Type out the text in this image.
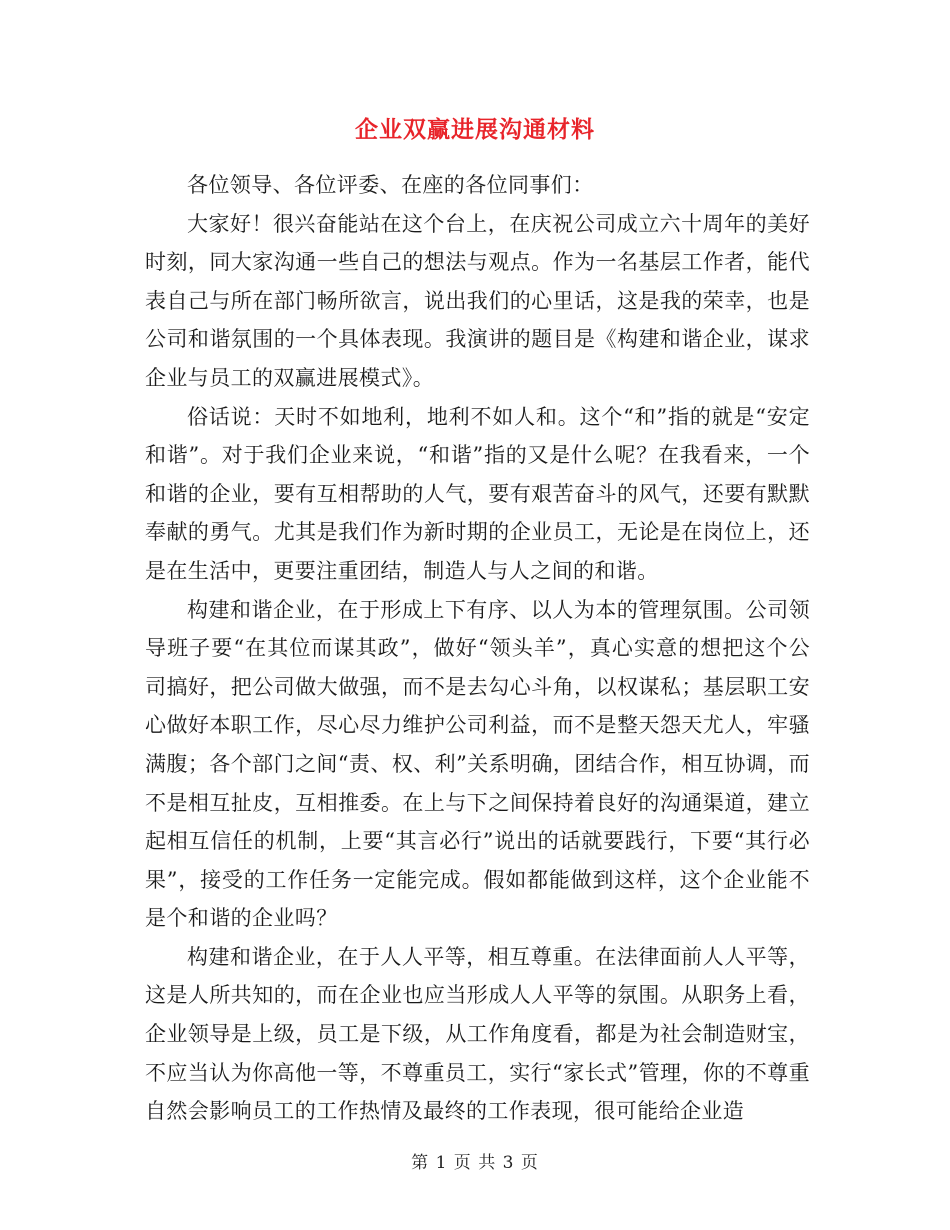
企业双赢进展沟通材料

各位领导、各位评委、在座的各位同事们：

大家好！很兴奋能站在这个台上，在庆祝公司成立六十周年的美好时刻，同大家沟通一些自己的想法与观点。作为一名基层工作者，能代表自己与所在部门畅所欲言，说出我们的心里话，这是我的荣幸，也是公司和谐氛围的一个具体表现。我演讲的题目是《构建和谐企业，谋求企业与员工的双赢进展模式》。

俗话说：天时不如地利，地利不如人和。这个“和”指的就是“安定和谐”。对于我们企业来说，“和谐”指的又是什么呢？在我看来，一个和谐的企业，要有互相帮助的人气，要有艰苦奋斗的风气，还要有默默奉献的勇气。尤其是我们作为新时期的企业员工，无论是在岗位上，还是在生活中，更要注重团结，制造人与人之间的和谐。

构建和谐企业，在于形成上下有序、以人为本的管理氛围。公司领导班子要“在其位而谋其政”，做好“领头羊”，真心实意的想把这个公司搞好，把公司做大做强，而不是去勾心斗角，以权谋私；基层职工安心做好本职工作，尽心尽力维护公司利益，而不是整天怨天尤人，牢骚满腹；各个部门之间“责、权、利”关系明确，团结合作，相互协调，而不是相互扯皮，互相推委。在上与下之间保持着良好的沟通渠道，建立起相互信任的机制，上要“其言必行”说出的话就要践行，下要“其行必果”，接受的工作任务一定能完成。假如都能做到这样，这个企业能不是个和谐的企业吗？

构建和谐企业，在于人人平等，相互尊重。在法律面前人人平等，这是人所共知的，而在企业也应当形成人人平等的氛围。从职务上看，企业领导是上级，员工是下级，从工作角度看，都是为社会制造财宝，不应当认为你高他一等，不尊重员工，实行“家长式”管理，你的不尊重自然会影响员工的工作热情及最终的工作表现，很可能给企业造

第 1 页 共 3 页
